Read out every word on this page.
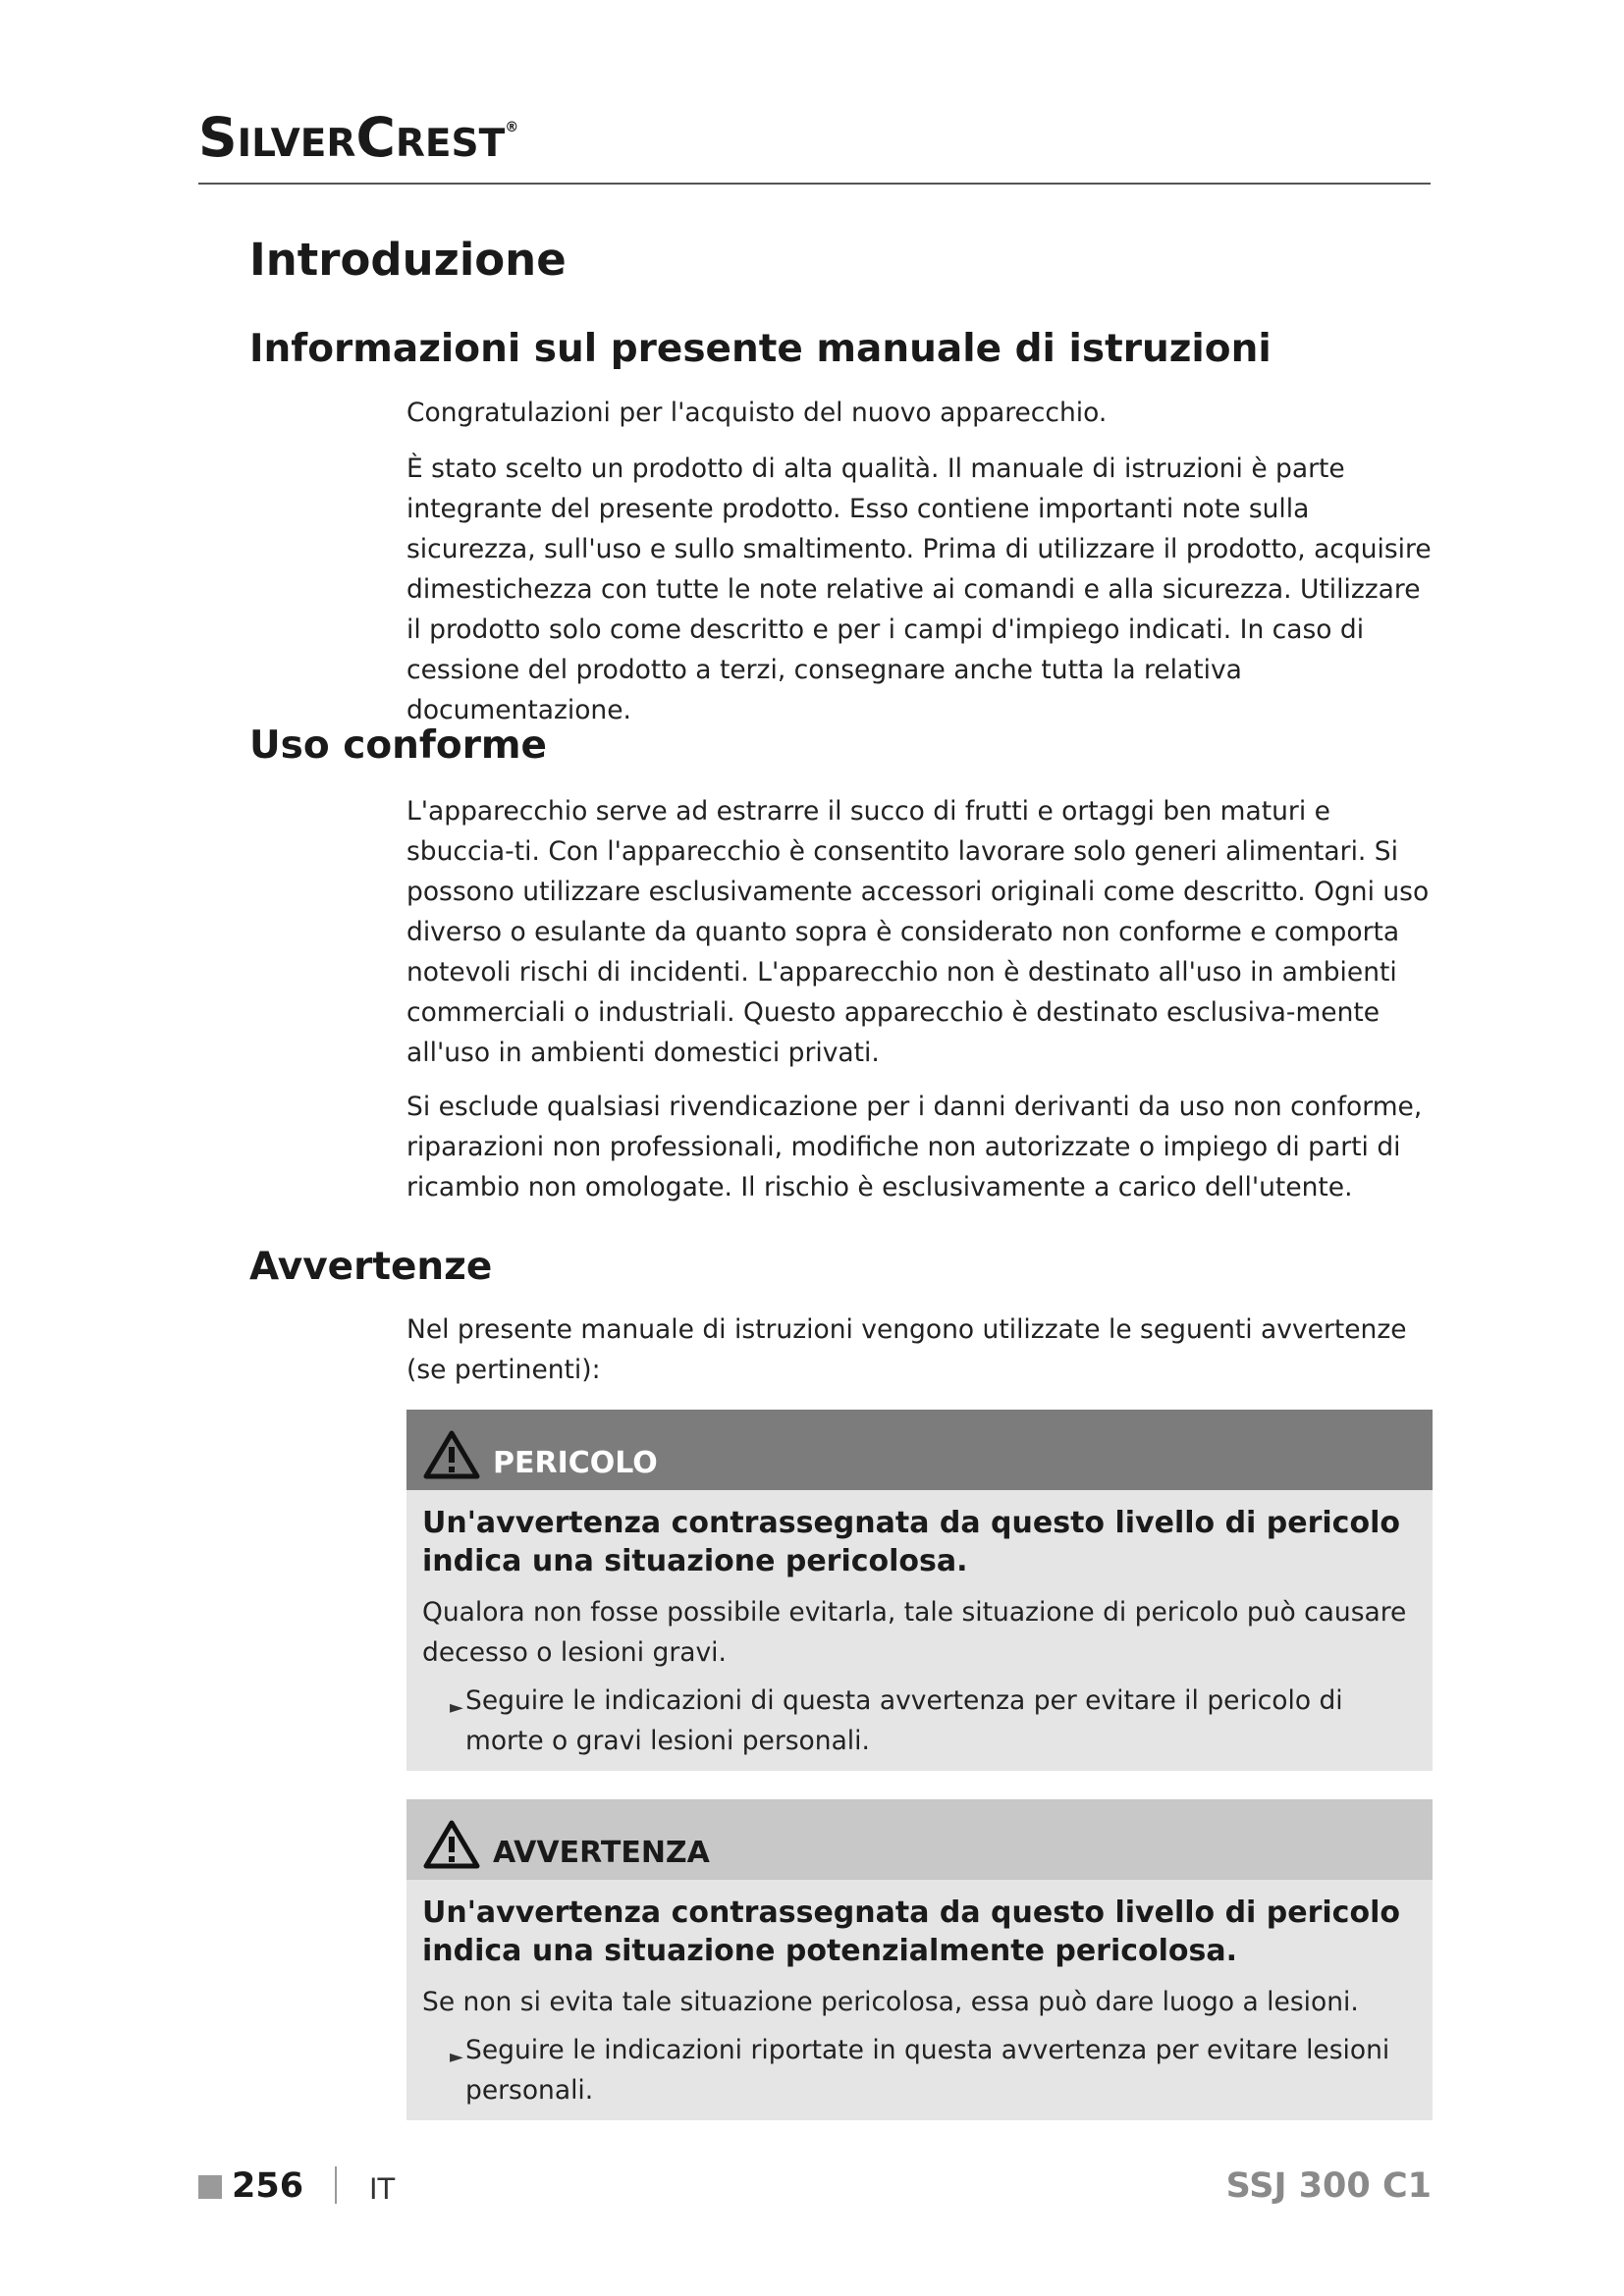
SilverCrest®
Introduzione
Informazioni sul presente manuale di istruzioni

Congratulazioni per l'acquisto del nuovo apparecchio.

È stato scelto un prodotto di alta qualità. Il manuale di istruzioni è parte integrante del presente prodotto. Esso contiene importanti note sulla sicurezza, sull'uso e sullo smaltimento. Prima di utilizzare il prodotto, acquisire dimestichezza con tutte le note relative ai comandi e alla sicurezza. Utilizzare il prodotto solo come descritto e per i campi d'impiego indicati. In caso di cessione del prodotto a terzi, consegnare anche tutta la relativa documentazione.

Uso conforme

L'apparecchio serve ad estrarre il succo di frutti e ortaggi ben maturi e sbuccia-ti. Con l'apparecchio è consentito lavorare solo generi alimentari. Si possono utilizzare esclusivamente accessori originali come descritto. Ogni uso diverso o esulante da quanto sopra è considerato non conforme e comporta notevoli rischi di incidenti. L'apparecchio non è destinato all'uso in ambienti commerciali o industriali. Questo apparecchio è destinato esclusiva-mente all'uso in ambienti domestici privati.

Si esclude qualsiasi rivendicazione per i danni derivanti da uso non conforme, riparazioni non professionali, modifiche non autorizzate o impiego di parti di ricambio non omologate. Il rischio è esclusivamente a carico dell'utente.

Avvertenze

Nel presente manuale di istruzioni vengono utilizzate le seguenti avvertenze (se pertinenti):

PERICOLO

Un'avvertenza contrassegnata da questo livello di pericolo indica una situazione pericolosa.

Qualora non fosse possibile evitarla, tale situazione di pericolo può causare decesso o lesioni gravi.

► Seguire le indicazioni di questa avvertenza per evitare il pericolo di morte o gravi lesioni personali.

AVVERTENZA

Un'avvertenza contrassegnata da questo livello di pericolo indica una situazione potenzialmente pericolosa.

Se non si evita tale situazione pericolosa, essa può dare luogo a lesioni.

► Seguire le indicazioni riportate in questa avvertenza per evitare lesioni personali.

256 IT	SSJ 300 C1
